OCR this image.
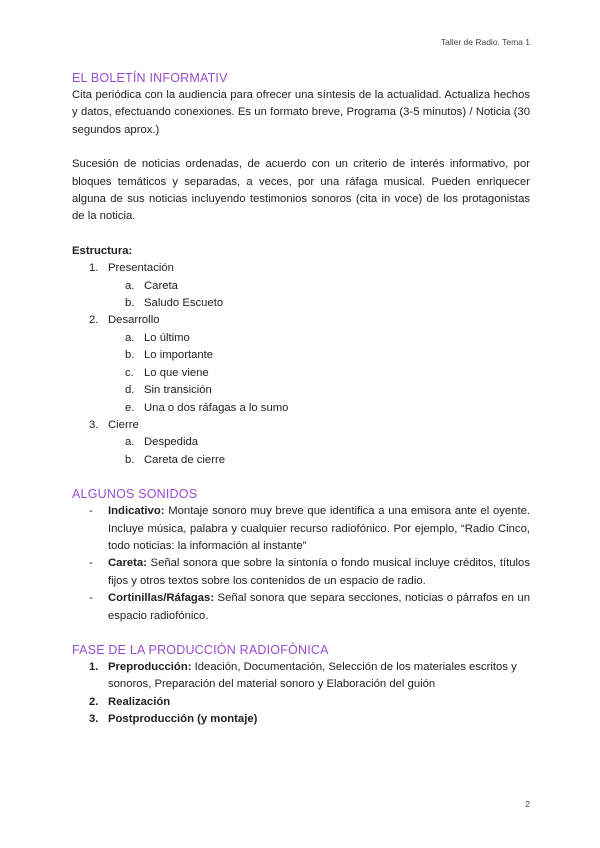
Taller de Radio. Tema 1
EL BOLETÍN INFORMATIV

Cita periódica con la audiencia para ofrecer una síntesis de la actualidad. Actualiza hechos y datos, efectuando conexiones. Es un formato breve, Programa (3-5 minutos) / Noticia (30 segundos aprox.)

Sucesión de noticias ordenadas, de acuerdo con un criterio de interés informativo, por bloques temáticos y separadas, a veces, por una ráfaga musical. Pueden enriquecer alguna de sus noticias incluyendo testimonios sonoros (cita in voce) de los protagonistas de la noticia.

Estructura:
1. Presentación
a. Careta
b. Saludo Escueto
2. Desarrollo
a. Lo último
b. Lo importante
c. Lo que viene
d. Sin transición
e. Una o dos ráfagas a lo sumo
3. Cierre
a. Despedida
b. Careta de cierre
ALGUNOS SONIDOS
- Indicativo: Montaje sonoro muy breve que identifica a una emisora ante el oyente. Incluye música, palabra y cualquier recurso radiofónico. Por ejemplo, “Radio Cinco, todo noticias: la información al instante”
- Careta: Señal sonora que sobre la sintonía o fondo musical incluye créditos, títulos fijos y otros textos sobre los contenidos de un espacio de radio.
- Cortinillas/Ráfagas: Señal sonora que separa secciones, noticias o párrafos en un espacio radiofónico.
FASE DE LA PRODUCCIÓN RADIOFÓNICA
1. Preproducción: Ideación, Documentación, Selección de los materiales escritos y sonoros, Preparación del material sonoro y Elaboración del guión
2. Realización
3. Postproducción (y montaje)
2
